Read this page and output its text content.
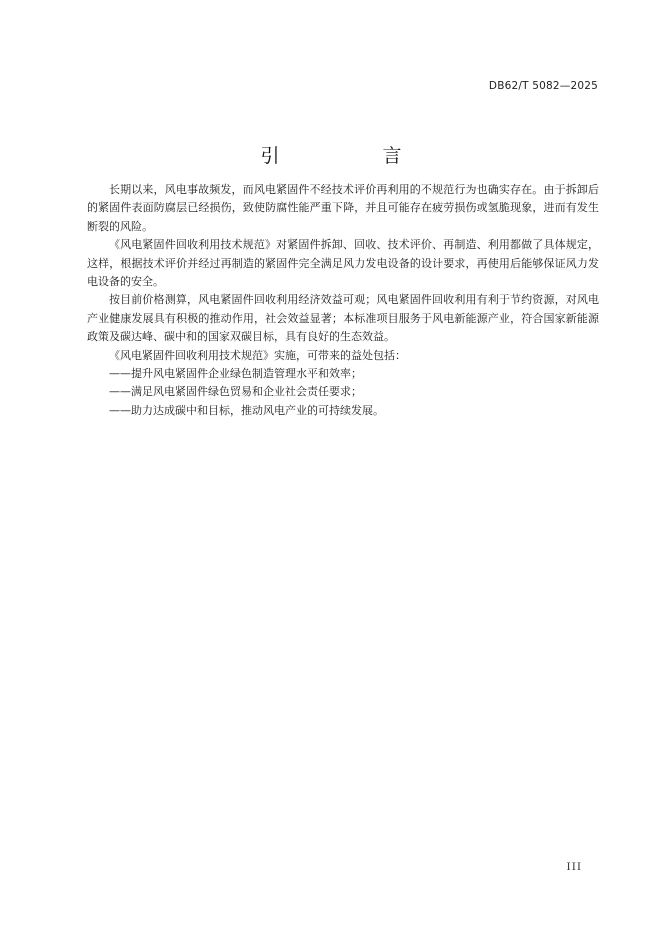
DB62/T 5082—2025
引　言

长期以来，风电事故频发，而风电紧固件不经技术评价再利用的不规范行为也确实存在。由于拆卸后的紧固件表面防腐层已经损伤，致使防腐性能严重下降，并且可能存在疲劳损伤或氢脆现象，进而有发生断裂的风险。

《风电紧固件回收利用技术规范》对紧固件拆卸、回收、技术评价、再制造、利用都做了具体规定，这样，根据技术评价并经过再制造的紧固件完全满足风力发电设备的设计要求，再使用后能够保证风力发电设备的安全。

按目前价格测算，风电紧固件回收利用经济效益可观；风电紧固件回收利用有利于节约资源，对风电产业健康发展具有积极的推动作用，社会效益显著；本标准项目服务于风电新能源产业，符合国家新能源政策及碳达峰、碳中和的国家双碳目标，具有良好的生态效益。

《风电紧固件回收利用技术规范》实施，可带来的益处包括：

——提升风电紧固件企业绿色制造管理水平和效率；
——满足风电紧固件绿色贸易和企业社会责任要求；
——助力达成碳中和目标，推动风电产业的可持续发展。
III
